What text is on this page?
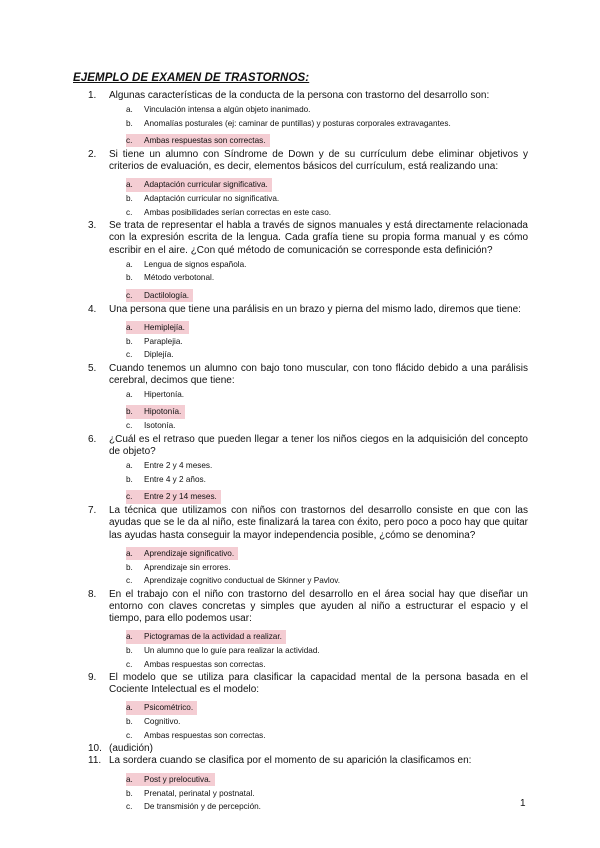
EJEMPLO DE EXAMEN DE TRASTORNOS:
1. Algunas características de la conducta de la persona con trastorno del desarrollo son:
a. Vinculación intensa a algún objeto inanimado.
b. Anomalías posturales (ej: caminar de puntillas) y posturas corporales extravagantes.
c. Ambas respuestas son correctas.
2. Si tiene un alumno con Síndrome de Down y de su currículum debe eliminar objetivos y criterios de evaluación, es decir, elementos básicos del currículum, está realizando una:
a. Adaptación curricular significativa.
b. Adaptación curricular no significativa.
c. Ambas posibilidades serían correctas en este caso.
3. Se trata de representar el habla a través de signos manuales y está directamente relacionada con la expresión escrita de la lengua. Cada grafía tiene su propia forma manual y es cómo escribir en el aire. ¿Con qué método de comunicación se corresponde esta definición?
a. Lengua de signos española.
b. Método verbotonal.
c. Dactilología.
4. Una persona que tiene una parálisis en un brazo y pierna del mismo lado, diremos que tiene:
a. Hemiplejía.
b. Paraplejia.
c. Diplejía.
5. Cuando tenemos un alumno con bajo tono muscular, con tono flácido debido a una parálisis cerebral, decimos que tiene:
a. Hipertonía.
b. Hipotonía.
c. Isotonía.
6. ¿Cuál es el retraso que pueden llegar a tener los niños ciegos en la adquisición del concepto de objeto?
a. Entre 2 y 4 meses.
b. Entre 4 y 2 años.
c. Entre 2 y 14 meses.
7. La técnica que utilizamos con niños con trastornos del desarrollo consiste en que con las ayudas que se le da al niño, este finalizará la tarea con éxito, pero poco a poco hay que quitar las ayudas hasta conseguir la mayor independencia posible, ¿cómo se denomina?
a. Aprendizaje significativo.
b. Aprendizaje sin errores.
c. Aprendizaje cognitivo conductual de Skinner y Pavlov.
8. En el trabajo con el niño con trastorno del desarrollo en el área social hay que diseñar un entorno con claves concretas y simples que ayuden al niño a estructurar el espacio y el tiempo, para ello podemos usar:
a. Pictogramas de la actividad a realizar.
b. Un alumno que lo guíe para realizar la actividad.
c. Ambas respuestas son correctas.
9. El modelo que se utiliza para clasificar la capacidad mental de la persona basada en el Cociente Intelectual es el modelo:
a. Psicométrico.
b. Cognitivo.
c. Ambas respuestas son correctas.
10. (audición)
11. La sordera cuando se clasifica por el momento de su aparición la clasificamos en:
a. Post y prelocutiva.
b. Prenatal, perinatal y postnatal.
c. De transmisión y de percepción.	1
